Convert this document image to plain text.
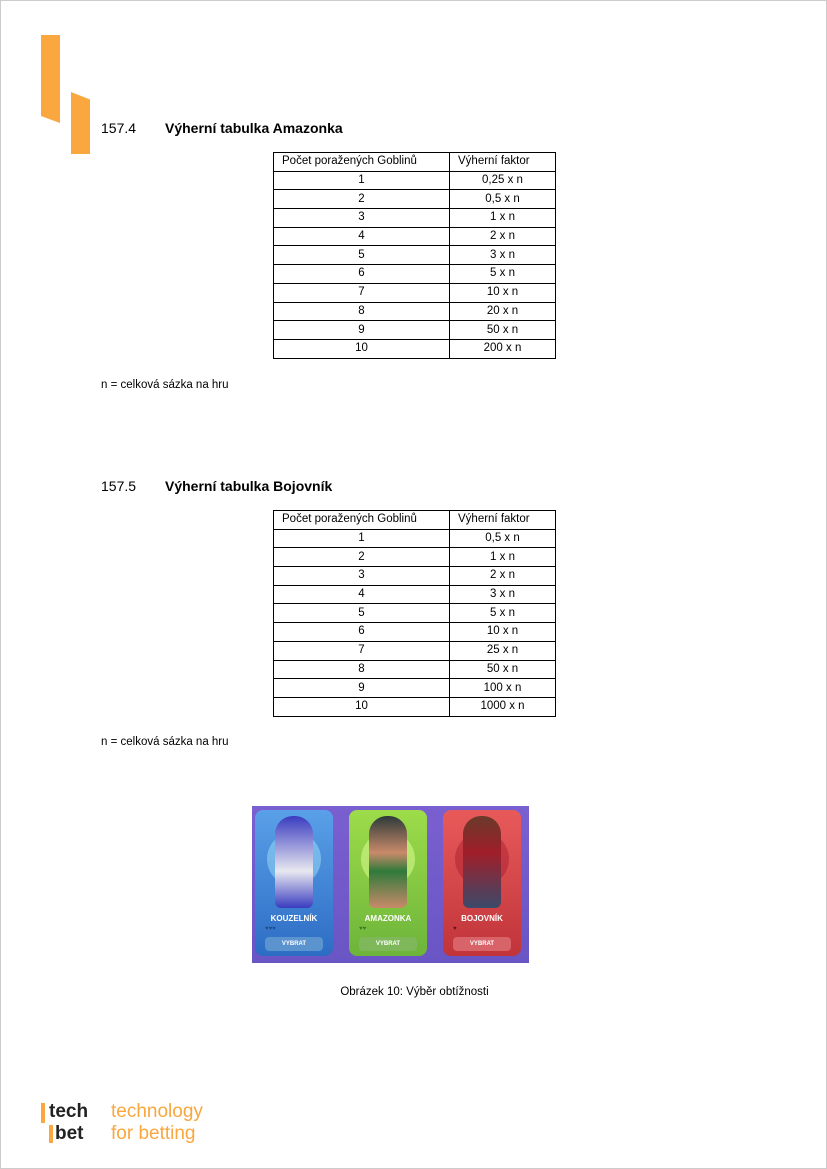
157.4 Výherní tabulka Amazonka
Počet poražených Goblinů	Výherní faktor
1	0,25 x n
2	0,5 x n
3	1 x n
4	2 x n
5	3 x n
6	5 x n
7	10 x n
8	20 x n
9	50 x n
10	200 x n
n = celková sázka na hru
157.5 Výherní tabulka Bojovník
Počet poražených Goblinů	Výherní faktor
1	0,5 x n
2	1 x n
3	2 x n
4	3 x n
5	5 x n
6	10 x n
7	25 x n
8	50 x n
9	100 x n
10	1000 x n
n = celková sázka na hru
KOUZELNÍK
♥♥♥
VYBRAT
AMAZONKA
♥♥
VYBRAT
BOJOVNÍK
♥
VYBRAT
Obrázek 10: Výběr obtížnosti
tech technology
bet for betting
